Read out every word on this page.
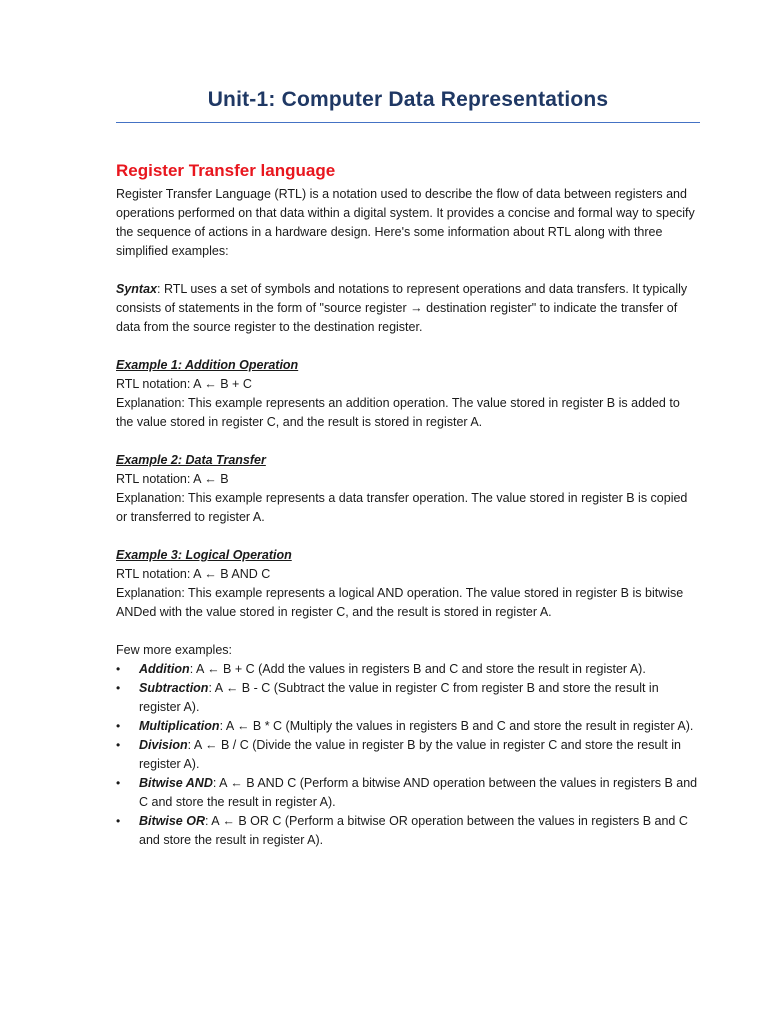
Unit-1: Computer Data Representations
Register Transfer language

Register Transfer Language (RTL) is a notation used to describe the flow of data between registers and operations performed on that data within a digital system. It provides a concise and formal way to specify the sequence of actions in a hardware design. Here's some information about RTL along with three simplified examples:

Syntax: RTL uses a set of symbols and notations to represent operations and data transfers. It typically consists of statements in the form of "source register → destination register" to indicate the transfer of data from the source register to the destination register.

Example 1: Addition Operation
RTL notation: A ← B + C
Explanation: This example represents an addition operation. The value stored in register B is added to the value stored in register C, and the result is stored in register A.

Example 2: Data Transfer
RTL notation: A ← B
Explanation: This example represents a data transfer operation. The value stored in register B is copied or transferred to register A.

Example 3: Logical Operation
RTL notation: A ← B AND C
Explanation: This example represents a logical AND operation. The value stored in register B is bitwise ANDed with the value stored in register C, and the result is stored in register A.

Few more examples:

• Addition: A ← B + C (Add the values in registers B and C and store the result in register A).
• Subtraction: A ← B - C (Subtract the value in register C from register B and store the result in register A).
• Multiplication: A ← B * C (Multiply the values in registers B and C and store the result in register A).
• Division: A ← B / C (Divide the value in register B by the value in register C and store the result in register A).
• Bitwise AND: A ← B AND C (Perform a bitwise AND operation between the values in registers B and C and store the result in register A).
• Bitwise OR: A ← B OR C (Perform a bitwise OR operation between the values in registers B and C and store the result in register A).
